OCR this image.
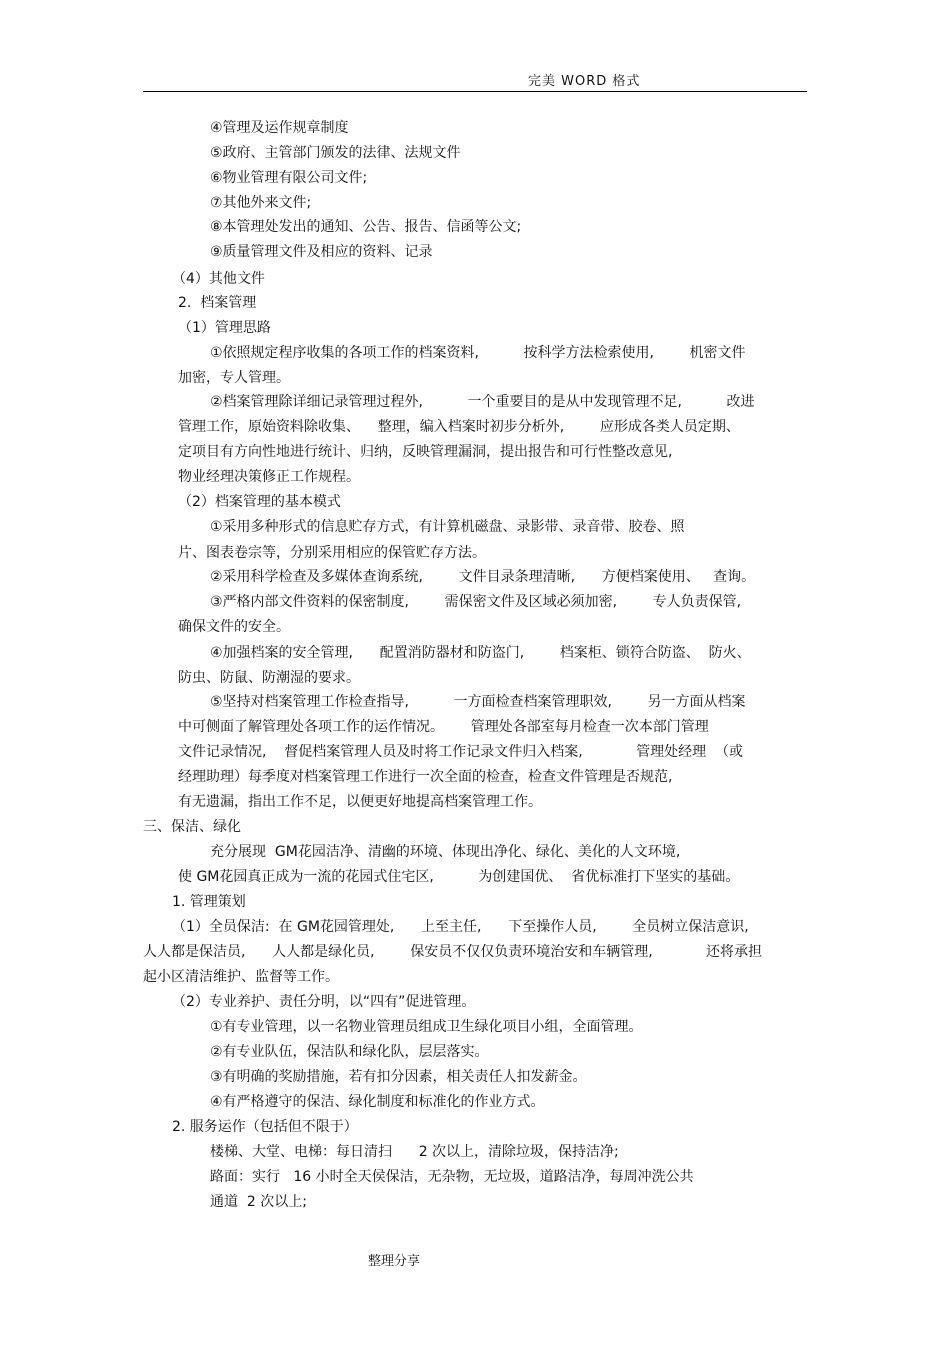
完美 WORD 格式
④管理及运作规章制度
⑤政府、主管部门颁发的法律、法规文件
⑥物业管理有限公司文件;
⑦其他外来文件;
⑧本管理处发出的通知、公告、报告、信函等公文;
⑨质量管理文件及相应的资料、记录
（4）其他文件
2.  档案管理
（1）管理思路
①依照规定程序收集的各项工作的档案资料,          按科学方法检索使用,        机密文件
加密，专人管理。
②档案管理除详细记录管理过程外,          一个重要目的是从中发现管理不足,          改进
管理工作，原始资料除收集、    整理，编入档案时初步分析外,        应形成各类人员定期、
定项目有方向性地进行统计、归纳，反映管理漏洞，提出报告和可行性整改意见,
物业经理决策修正工作规程。
（2）档案管理的基本模式
①采用多种形式的信息贮存方式，有计算机磁盘、录影带、录音带、胶卷、照
片、图表卷宗等，分别采用相应的保管贮存方法。
②采用科学检查及多媒体查询系统,        文件目录条理清晰,      方便档案使用、   查询。
③严格内部文件资料的保密制度,        需保密文件及区域必须加密,        专人负责保管,
确保文件的安全。
④加强档案的安全管理,      配置消防器材和防盗门,        档案柜、锁符合防盗、  防火、
防虫、防鼠、防潮湿的要求。
⑤坚持对档案管理工作检查指导,          一方面检查档案管理职效,        另一方面从档案
中可侧面了解管理处各项工作的运作情况。      管理处各部室每月检查一次本部门管理
文件记录情况,    督促档案管理人员及时将工作记录文件归入档案,            管理处经理  （或
经理助理）每季度对档案管理工作进行一次全面的检查，检查文件管理是否规范,
有无遗漏，指出工作不足，以便更好地提高档案管理工作。
三、保洁、绿化
充分展现  GM花园洁净、清幽的环境、体现出净化、绿化、美化的人文环境,
使 GM花园真正成为一流的花园式住宅区,          为创建国优、  省优标准打下坚实的基础。
1. 管理策划
（1）全员保洁:  在 GM花园管理处,      上至主任,      下至操作人员,        全员树立保洁意识,
人人都是保洁员,      人人都是绿化员,        保安员不仅仅负责环境治安和车辆管理,            还将承担
起小区清洁维护、监督等工作。
（2）专业养护、责任分明，以“四有”促进管理。
①有专业管理，以一名物业管理员组成卫生绿化项目小组，全面管理。
②有专业队伍，保洁队和绿化队，层层落实。
③有明确的奖励措施，若有扣分因素，相关责任人扣发薪金。
④有严格遵守的保洁、绿化制度和标准化的作业方式。
2. 服务运作（包括但不限于）
楼梯、大堂、电梯：每日清扫      2 次以上，清除垃圾，保持洁净;
路面：实行   16 小时全天侯保洁，无杂物，无垃圾，道路洁净，每周冲洗公共
通道  2 次以上;
整理分享
